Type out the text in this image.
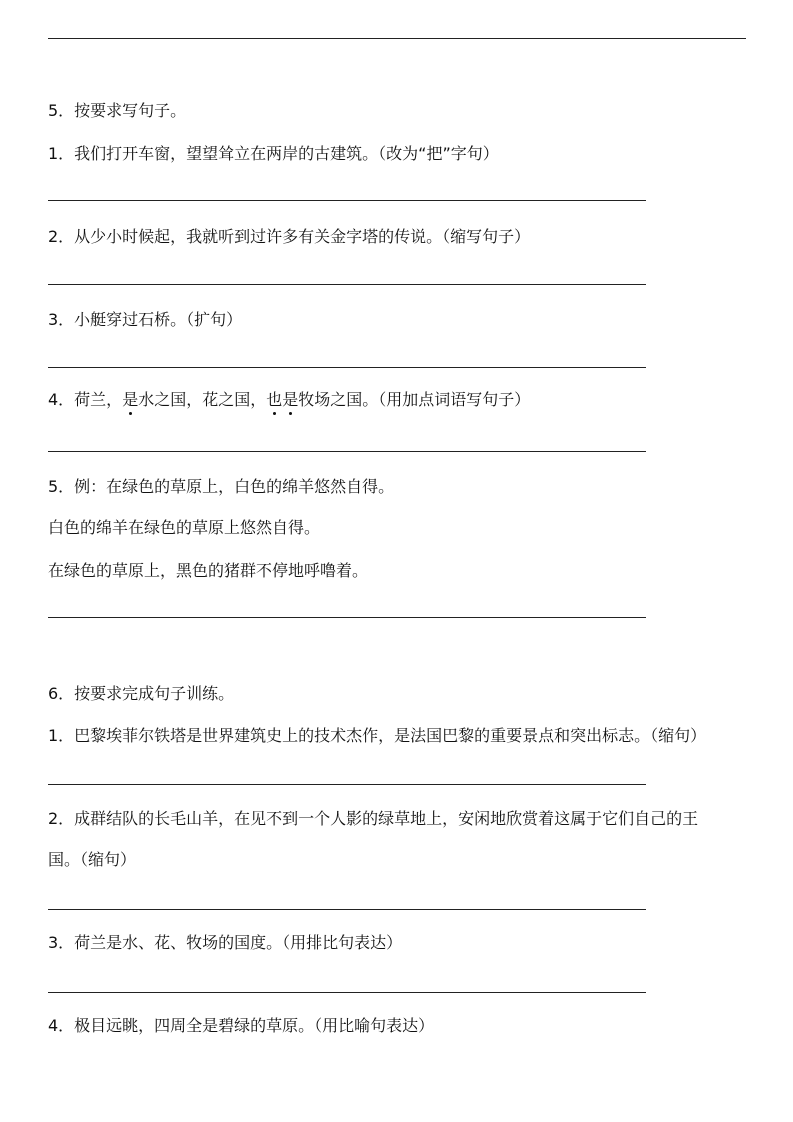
5．按要求写句子。
1．我们打开车窗，望望耸立在两岸的古建筑。（改为“把”字句）
2．从少小时候起，我就听到过许多有关金字塔的传说。（缩写句子）
3．小艇穿过石桥。（扩句）
4．荷兰，是水之国，花之国，也是牧场之国。（用加点词语写句子）
5．例：在绿色的草原上，白色的绵羊悠然自得。
白色的绵羊在绿色的草原上悠然自得。
在绿色的草原上，黑色的猪群不停地呼噜着。
6．按要求完成句子训练。
1．巴黎埃菲尔铁塔是世界建筑史上的技术杰作，是法国巴黎的重要景点和突出标志。（缩句）
2．成群结队的长毛山羊，在见不到一个人影的绿草地上，安闲地欣赏着这属于它们自己的王
国。（缩句）
3．荷兰是水、花、牧场的国度。（用排比句表达）
4．极目远眺，四周全是碧绿的草原。（用比喻句表达）
